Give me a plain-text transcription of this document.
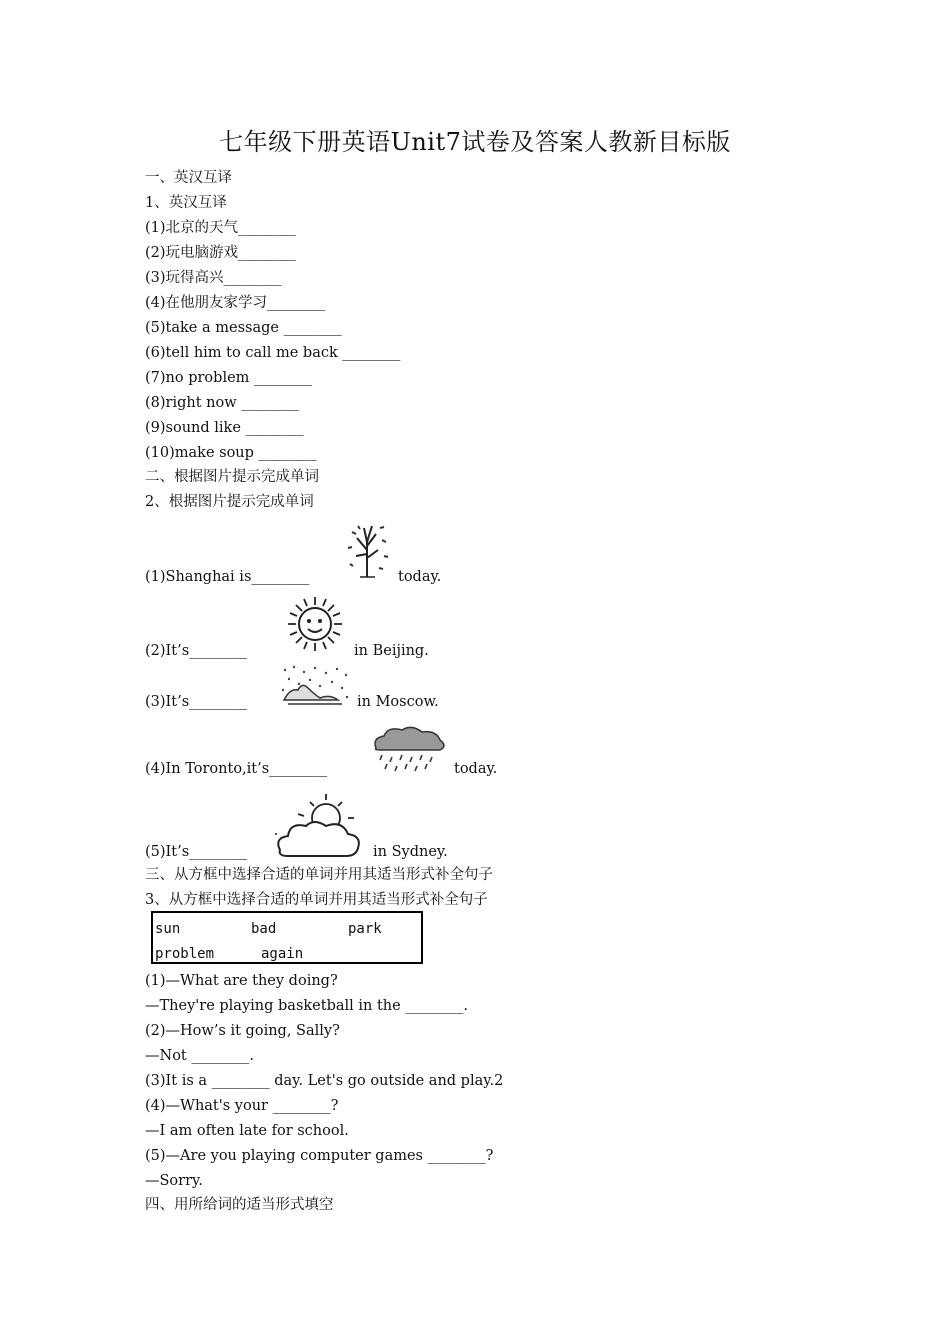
七年级下册英语Unit7试卷及答案人教新目标版
一、英汉互译
1、英汉互译
(1)北京的天气________
(2)玩电脑游戏________
(3)玩得高兴________
(4)在他朋友家学习________
(5)take a message ________
(6)tell him to call me back ________
(7)no problem ________
(8)right now ________
(9)sound like ________
(10)make soup ________
二、根据图片提示完成单词
2、根据图片提示完成单词
(1)Shanghai is________	today.
(2)It’s________	in Beijing.
(3)It’s________	in Moscow.
(4)In Toronto,it’s________	today.
(5)It’s________	in Sydney.
三、从方框中选择合适的单词并用其适当形式补全句子
3、从方框中选择合适的单词并用其适当形式补全句子
sun	bad	park
problem	again
(1)—What are they doing?
—They're playing basketball in the ________.
(2)—How’s it going, Sally?
—Not ________.
(3)It is a ________ day. Let's go outside and play.2
(4)—What's your ________?
—I am often late for school.
(5)—Are you playing computer games ________?
—Sorry.
四、用所给词的适当形式填空
